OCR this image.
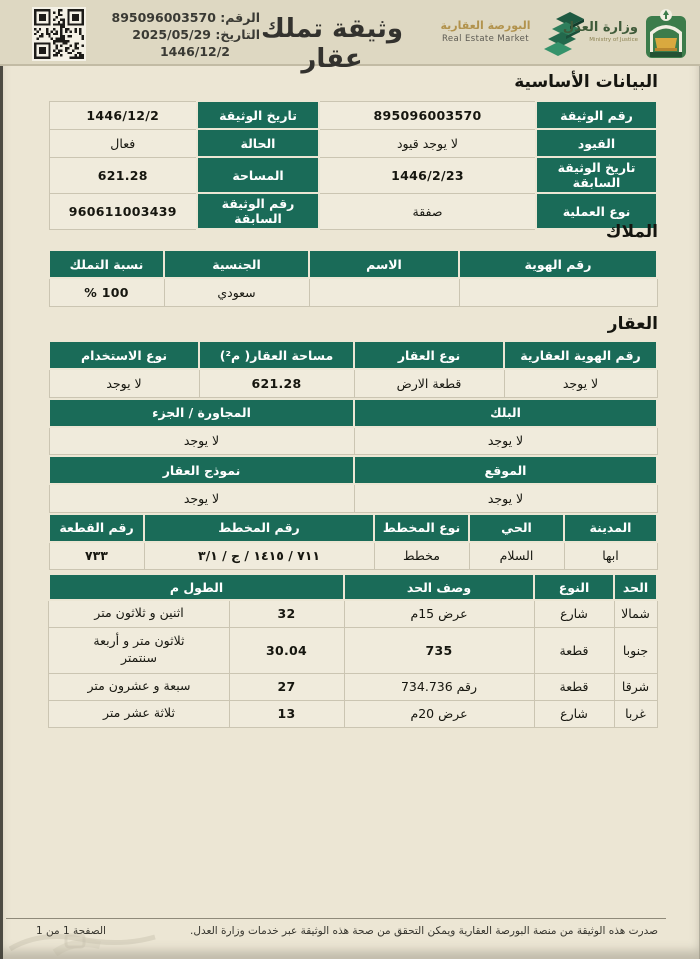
الرقم: 895096003570
التاريخ: 2025/05/29
1446/12/2
وثيقة تملك عقار
البورصة العقارية
Real Estate Market
وزارة العدل
Ministry of Justice
البيانات الأساسية
رقم الوثيقة	895096003570	تاريخ الوثيقة	1446/12/2
القيود	لا يوجد قيود	الحالة	فعال
تاريخ الوثيقة السابقة	1446/2/23	المساحة	621.28
نوع العملية	صفقة	رقم الوثيقة السابقة	960611003439
الملاك
رقم الهوية	الاسم	الجنسية	نسبة التملك
		سعودي	100 %
العقار
رقم الهوية العقارية	نوع العقار	مساحة العقار( م²)	نوع الاستخدام
لا يوجد	قطعة الارض	621.28	لا يوجد
البلك	المجاورة / الجزء
لا يوجد	لا يوجد
الموقع	نموذج العقار
لا يوجد	لا يوجد
المدينة	الحي	نوع المخطط	رقم المخطط	رقم القطعة
ابها	السلام	مخطط	٧١١ / ١٤١٥ / ج / ٣/١	٧٣٣
الحد	النوع	وصف الحد	الطول م	
شمالا	شارع	عرض 15م	32	اثنين و ثلاثون متر
جنوبا	قطعة	735	30.04	ثلاثون متر و أربعة سنتمتر
شرقا	قطعة	رقم 734.736	27	سبعة و عشرون متر
غربا	شارع	عرض 20م	13	ثلاثة عشر متر
صدرت هذه الوثيقة من منصة البورصة العقارية ويمكن التحقق من صحة هذه الوثيقة عبر خدمات وزارة العدل.
الصفحة 1 من 1
